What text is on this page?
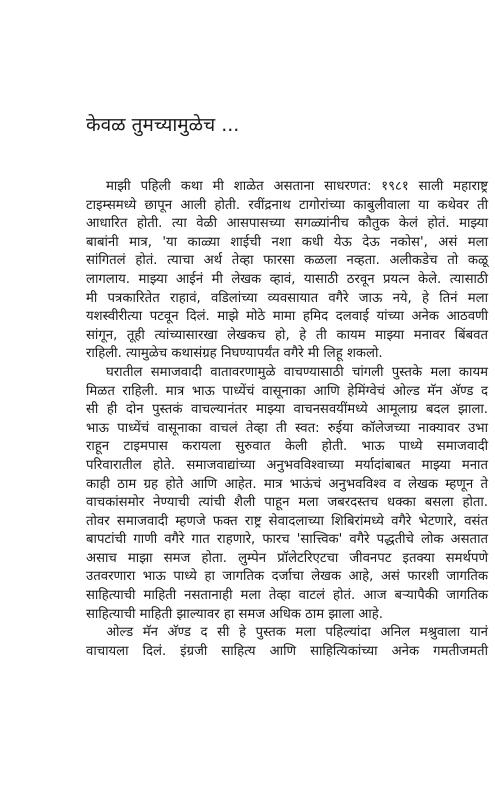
केवळ तुमच्यामुळेच ...

माझी पहिली कथा मी शाळेत असताना साधरणत: १९८१ साली महाराष्ट्र

टाइम्समध्ये छापून आली होती. रवींद्रनाथ टागोरांच्या काबुलीवाला या कथेवर ती

आधारित होती. त्या वेळी आसपासच्या सगळ्यांनीच कौतुक केलं होतं. माझ्या

बाबांनी मात्र, 'या काळ्या शाईची नशा कधी येऊ देऊ नकोस', असं मला

सांगितलं होतं. त्याचा अर्थ तेव्हा फारसा कळला नव्हता. अलीकडेच तो कळू

लागलाय. माझ्या आईनं मी लेखक व्हावं, यासाठी ठरवून प्रयत्न केले. त्यासाठी

मी पत्रकारितेत राहावं, वडिलांच्या व्यवसायात वगैरे जाऊ नये, हे तिनं मला

यशस्वीरीत्या पटवून दिलं. माझे मोठे मामा हमिद दलवाई यांच्या अनेक आठवणी

सांगून, तूही त्यांच्यासारखा लेखकच हो, हे ती कायम माझ्या मनावर बिंबवत

राहिली. त्यामुळेच कथासंग्रह निघण्यापर्यंत वगैरे मी लिहू शकलो.

घरातील समाजवादी वातावरणामुळे वाचण्यासाठी चांगली पुस्तके मला कायम

मिळत राहिली. मात्र भाऊ पाध्येंचं वासूनाका आणि हेमिंग्वेचं ओल्ड मॅन अ‍ॅण्ड द

सी ही दोन पुस्तकं वाचल्यानंतर माझ्या वाचनसवयींमध्ये आमूलाग्र बदल झाला.

भाऊ पाध्येंचं वासूनाका वाचलं तेव्हा ती स्वत: रुईया कॉलेजच्या नाक्यावर उभा

राहून टाइमपास करायला सुरुवात केली होती. भाऊ पाध्ये समाजवादी

परिवारातील होते. समाजवाद्यांच्या अनुभवविश्वाच्या मर्यादांबाबत माझ्या मनात

काही ठाम ग्रह होते आणि आहेत. मात्र भाऊंचं अनुभवविश्व व लेखक म्हणून ते

वाचकांसमोर नेण्याची त्यांची शैली पाहून मला जबरदस्तच धक्का बसला होता.

तोवर समाजवादी म्हणजे फक्त राष्ट्र सेवादलाच्या शिबिरांमध्ये वगैरे भेटणारे, वसंत

बापटांची गाणी वगैरे गात राहणारे, फारच 'सात्त्विक' वगैरे पद्धतीचे लोक असतात

असाच माझा समज होता. लुम्पेन प्रॉलेटरिएटचा जीवनपट इतक्या समर्थपणे

उतवरणारा भाऊ पाध्ये हा जागतिक दर्जाचा लेखक आहे, असं फारशी जागतिक

साहित्याची माहिती नसतानाही मला तेव्हा वाटलं होतं. आज बऱ्यापैकी जागतिक

साहित्याची माहिती झाल्यावर हा समज अधिक ठाम झाला आहे.

ओल्ड मॅन अ‍ॅण्ड द सी हे पुस्तक मला पहिल्यांदा अनिल मश्रुवाला यानं

वाचायला दिलं. इंग्रजी साहित्य आणि साहित्यिकांच्या अनेक गमतीजमती
